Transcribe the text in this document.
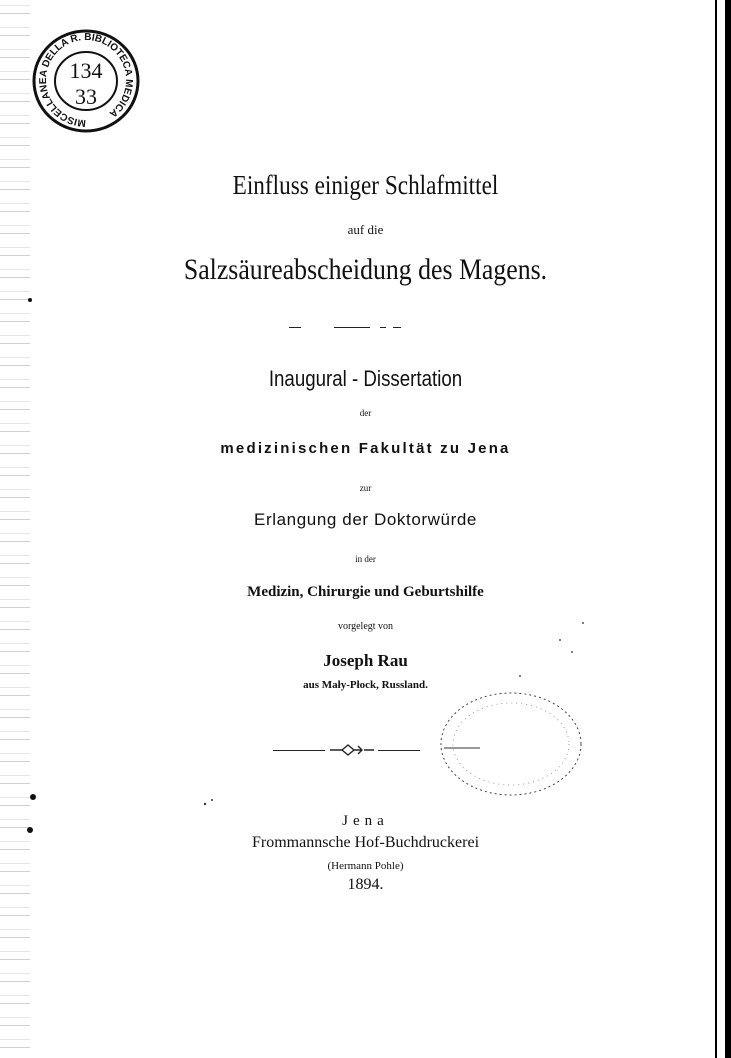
MISCELLANEA DELLA R. BIBLIOTECA MEDICA
134
33
Einfluss einiger Schlafmittel
auf die
Salzsäureabscheidung des Magens.
Inaugural - Dissertation
der
medizinischen Fakultät zu Jena
zur
Erlangung der Doktorwürde
in der
Medizin, Chirurgie und Geburtshilfe
vorgelegt von
Joseph Rau
aus Mały-Płock, Russland.
Jena
Frommannsche Hof-Buchdruckerei
(Hermann Pohle)
1894.
